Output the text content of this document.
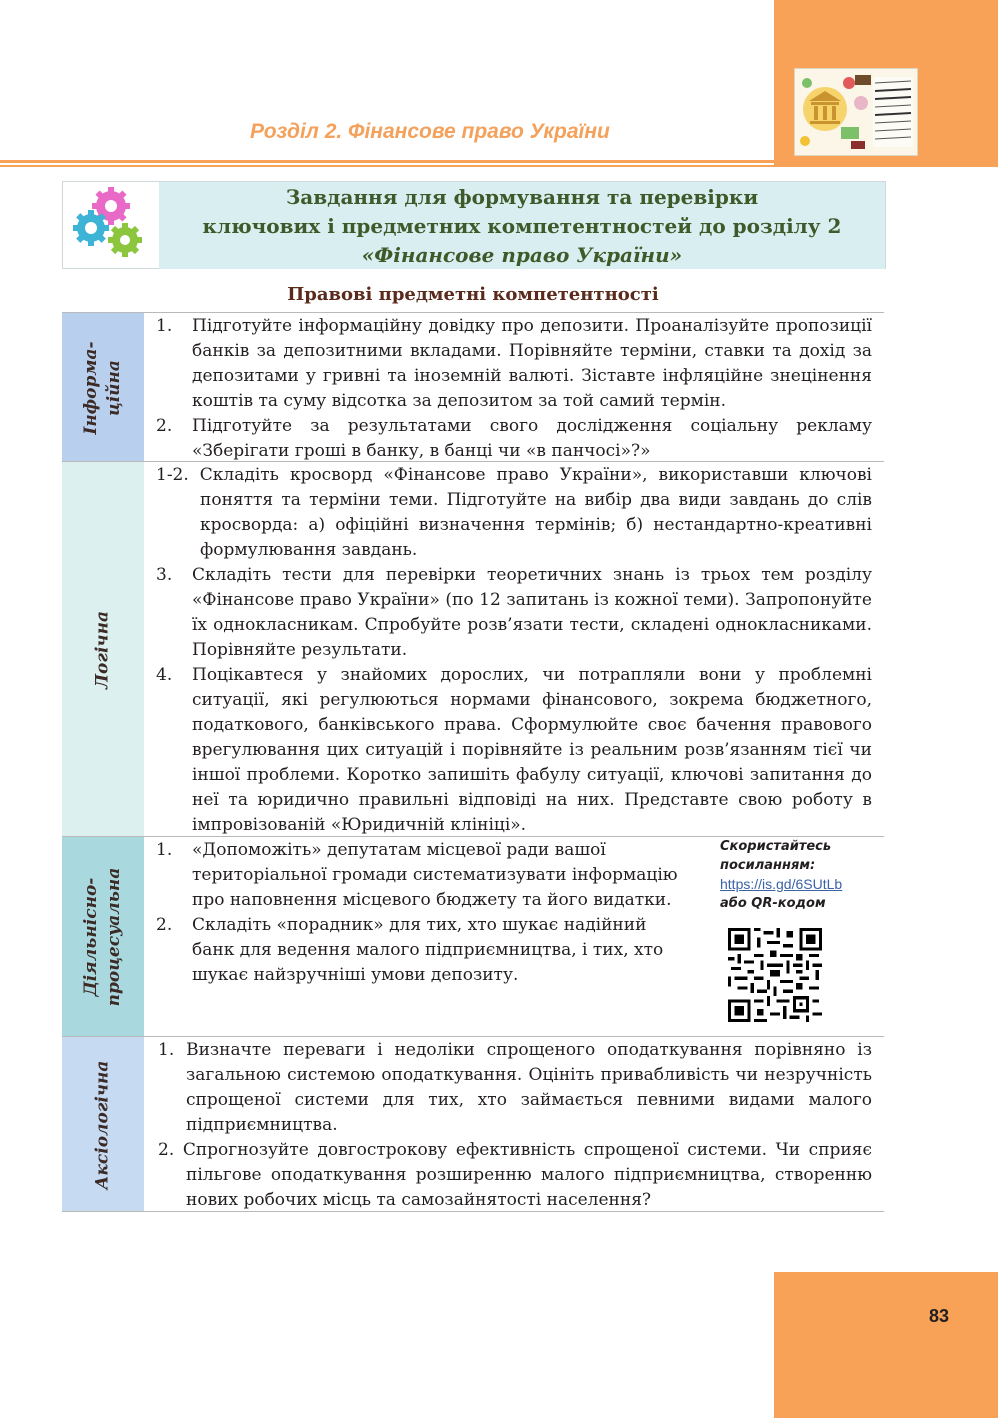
Розділ 2. Фінансове право України
Завдання для формування та перевірки
ключових і предметних компетентностей до розділу 2
«Фінансове право України»
Правові предметні компетентності
Інформа- ційна
1.	Підготуйте інформаційну довідку про депозити. Проаналізуйте пропозиції банків за депозитними вкладами. Порівняйте терміни, ставки та дохід за депозитами у гривні та іноземній валюті. Зіставте інфляційне знецінення коштів та суму відсотка за депозитом за той самий термін.
2.	Підготуйте за результатами свого дослідження соціальну рекламу «Зберігати гроші в банку, в банці чи «в панчосі»?»
Логічна
1-2. Складіть кросворд «Фінансове право України», використавши ключові поняття та терміни теми. Підготуйте на вибір два види завдань до слів кросворда: а) офіційні визначення термінів; б) нестандартно-креативні формулювання завдань.
3.	Складіть тести для перевірки теоретичних знань із трьох тем розділу «Фінансове право України» (по 12 запитань із кожної теми). Запропонуйте їх однокласникам. Спробуйте розв’язати тести, складені однокласниками. Порівняйте результати.
4.	Поцікавтеся у знайомих дорослих, чи потрапляли вони у проблемні ситуації, які регулюються нормами фінансового, зокрема бюджетного, податкового, банківського права. Сформулюйте своє бачення правового врегулювання цих ситуацій і порівняйте із реальним розв’язанням тієї чи іншої проблеми. Коротко запишіть фабулу ситуації, ключові запитання до неї та юридично правильні відповіді на них. Представте свою роботу в імпровізованій «Юридичній клініці».
Діяльнісно- процесуальна
1.	«Допоможіть» депутатам місцевої ради вашої
територіальної громади систематизувати інформацію
про наповнення місцевого бюджету та його видатки.
2.	Складіть «порадник» для тих, хто шукає надійний
банк для ведення малого підприємництва, і тих, хто
шукає найзручніші умови депозиту.
Скористайтесь
посиланням:
https://is.gd/6SUtLb
або QR-кодом
Аксіологічна
1. Визначте переваги і недоліки спрощеного оподаткування порівняно із загальною системою оподаткування. Оцініть привабливість чи незручність спрощеної системи для тих, хто займається певними видами малого підприємництва.
2. Спрогнозуйте довгострокову ефективність спрощеної системи. Чи сприяє пільгове оподаткування розширенню малого підприємництва, створенню нових робочих місць та самозайнятості населення?
83
